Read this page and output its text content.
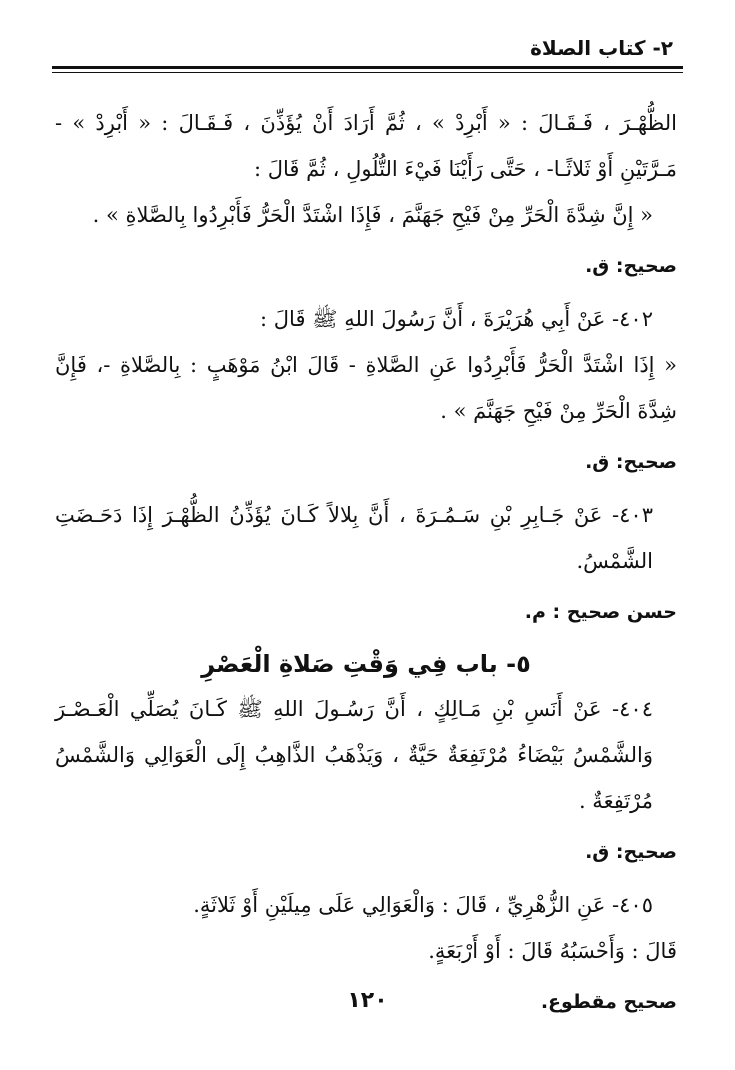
٢- كتاب الصلاة

الظُّهْـرَ ، فَـقَـالَ : « أَبْرِدْ » ، ثُمَّ أَرَادَ أَنْ يُؤَذِّنَ ، فَـقَـالَ : « أَبْرِدْ » - مَـرَّتَيْنِ أَوْ ثَلاثًـا- ، حَتَّى رَأَيْنَا فَيْءَ التُّلُولِ ، ثُمَّ قَالَ :

« إِنَّ شِدَّةَ الْحَرِّ مِنْ فَيْحِ جَهَنَّمَ ، فَإِذَا اشْتَدَّ الْحَرُّ فَأَبْرِدُوا بِالصَّلاةِ » .

صحيح: ق.

٤٠٢- عَنْ أَبِي هُرَيْرَةَ ، أَنَّ رَسُولَ اللهِ ﷺ قَالَ :

« إِذَا اشْتَدَّ الْحَرُّ فَأَبْرِدُوا عَنِ الصَّلاةِ - قَالَ ابْنُ مَوْهَبٍ : بِالصَّلاةِ -، فَإِنَّ شِدَّةَ الْحَرِّ مِنْ فَيْحِ جَهَنَّمَ » .

صحيح: ق.

٤٠٣- عَنْ جَـابِرِ بْنِ سَـمُـرَةَ ، أَنَّ بِلالاً كَـانَ يُؤَذِّنُ الظُّهْـرَ إِذَا دَحَـضَتِ الشَّمْسُ.

حسن صحيح : م.
٥- باب فِي وَقْتِ صَلاةِ الْعَصْرِ

٤٠٤- عَنْ أَنَسِ بْنِ مَـالِكٍ ، أَنَّ رَسُـولَ اللهِ ﷺ كَـانَ يُصَلِّي الْعَـصْـرَ وَالشَّمْسُ بَيْضَاءُ مُرْتَفِعَةٌ حَيَّةٌ ، وَيَذْهَبُ الذَّاهِبُ إِلَى الْعَوَالِي وَالشَّمْسُ مُرْتَفِعَةٌ .

صحيح: ق.

٤٠٥- عَنِ الزُّهْرِيِّ ، قَالَ : وَالْعَوَالِي عَلَى مِيلَيْنِ أَوْ ثَلاثَةٍ.

قَالَ : وَأَحْسَبُهُ قَالَ : أَوْ أَرْبَعَةٍ.

صحيح مقطوع.
١٢٠
